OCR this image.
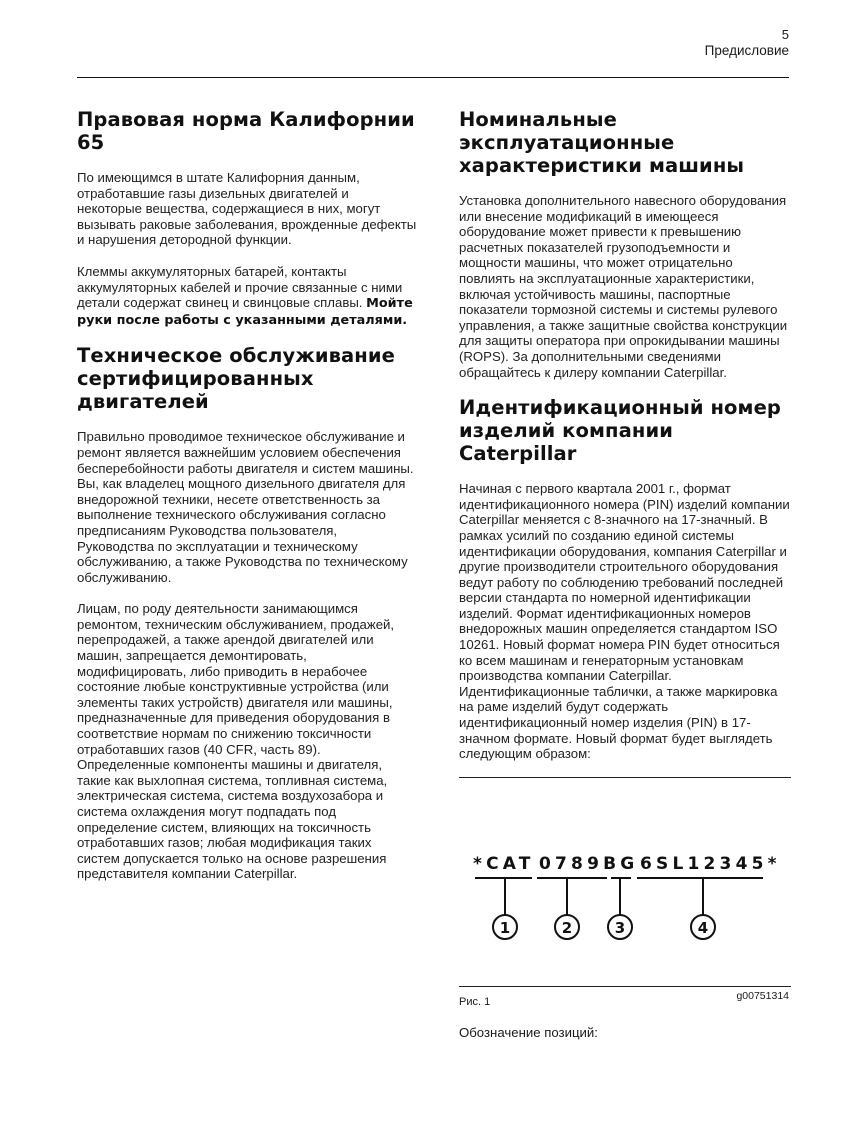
5
Предисловие
Правовая норма Калифорнии 65

По имеющимся в штате Калифорния данным, отработавшие газы дизельных двигателей и некоторые вещества, содержащиеся в них, могут вызывать раковые заболевания, врожденные дефекты и нарушения детородной функции.

Клеммы аккумуляторных батарей, контакты аккумуляторных кабелей и прочие связанные с ними детали содержат свинец и свинцовые сплавы. Мойте руки после работы с указанными деталями.

Техническое обслуживание сертифицированных двигателей

Правильно проводимое техническое обслуживание и ремонт является важнейшим условием обеспечения бесперебойности работы двигателя и систем машины. Вы, как владелец мощного дизельного двигателя для внедорожной техники, несете ответственность за выполнение технического обслуживания согласно предписаниям Руководства пользователя, Руководства по эксплуатации и техническому обслуживанию, а также Руководства по техническому обслуживанию.

Лицам, по роду деятельности занимающимся ремонтом, техническим обслуживанием, продажей, перепродажей, а также арендой двигателей или машин, запрещается демонтировать, модифицировать, либо приводить в нерабочее состояние любые конструктивные устройства (или элементы таких устройств) двигателя или машины, предназначенные для приведения оборудования в соответствие нормам по снижению токсичности отработавших газов (40 CFR, часть 89). Определенные компоненты машины и двигателя, такие как выхлопная система, топливная система, электрическая система, система воздухозабора и система охлаждения могут подпадать под определение систем, влияющих на токсичность отработавших газов; любая модификация таких систем допускается только на основе разрешения представителя компании Caterpillar.

Номинальные эксплуатационные характеристики машины

Установка дополнительного навесного оборудования или внесение модификаций в имеющееся оборудование может привести к превышению расчетных показателей грузоподъемности и мощности машины, что может отрицательно повлиять на эксплуатационные характеристики, включая устойчивость машины, паспортные показатели тормозной системы и системы рулевого управления, а также защитные свойства конструкции для защиты оператора при опрокидывании машины (ROPS). За дополнительными сведениями обращайтесь к дилеру компании Caterpillar.

Идентификационный номер изделий компании Caterpillar

Начиная с первого квартала 2001 г., формат идентификационного номера (PIN) изделий компании Caterpillar меняется с 8-значного на 17-значный. В рамках усилий по созданию единой системы идентификации оборудования, компания Caterpillar и другие производители строительного оборудования ведут работу по соблюдению требований последней версии стандарта по номерной идентификации изделий. Формат идентификационных номеров внедорожных машин определяется стандартом ISO 10261. Новый формат номера PIN будет относиться ко всем машинам и генераторным установкам производства компании Caterpillar. Идентификационные таблички, а также маркировка на раме изделий будут содержать идентификационный номер изделия (PIN) в 17-значном формате. Новый формат будет выглядеть следующим образом:

*CAT 0789BG 6SL12345*
1	2	3	4
Рис. 1	g00751314
Обозначение позиций:
